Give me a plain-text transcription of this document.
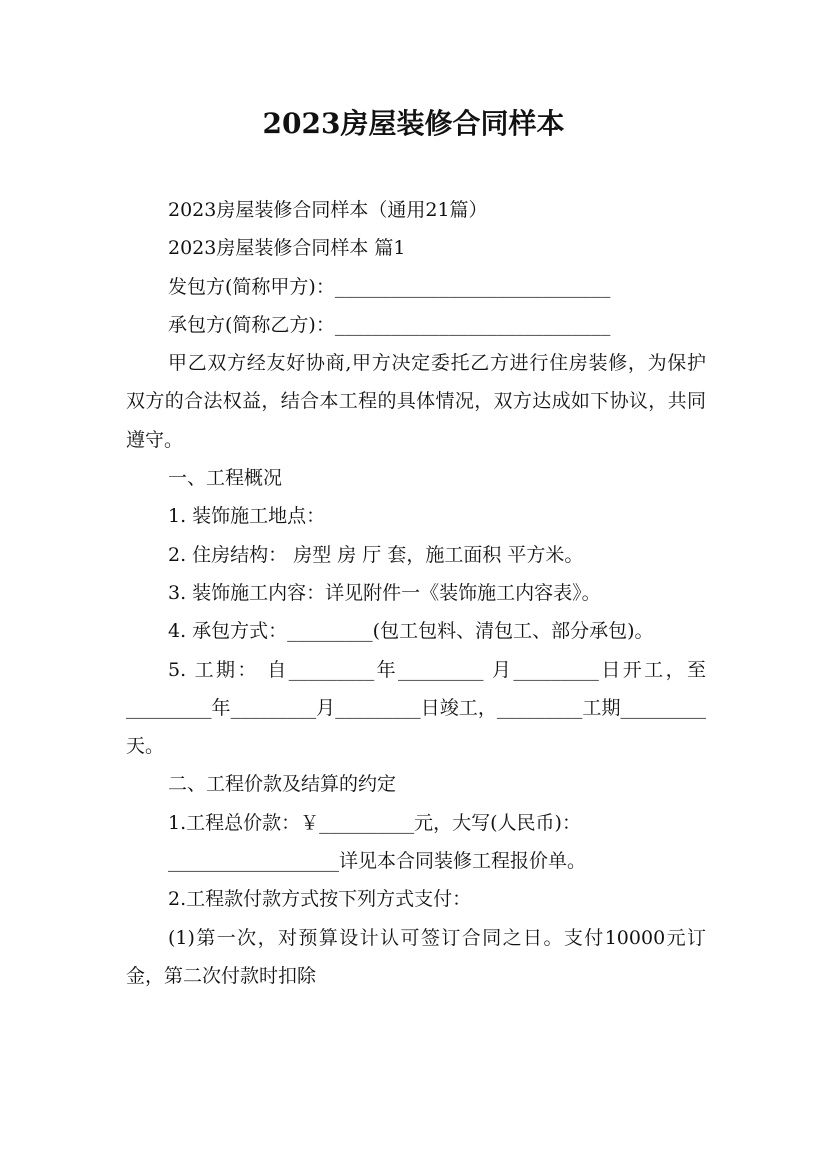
2023房屋装修合同样本

2023房屋装修合同样本（通用21篇）

2023房屋装修合同样本 篇1

发包方(简称甲方)：_____________________________

承包方(简称乙方)：_____________________________

甲乙双方经友好协商,甲方决定委托乙方进行住房装修，为保护双方的合法权益，结合本工程的具体情况，双方达成如下协议，共同遵守。

一、工程概况

1. 装饰施工地点：

2. 住房结构： 房型 房 厅 套，施工面积 平方米。

3. 装饰施工内容：详见附件一《装饰施工内容表》。

4. 承包方式：_________(包工包料、清包工、部分承包)。

5. 工期： 自_________年_________ 月_________日开工，至_________年_________月_________日竣工，_________工期_________天。

二、工程价款及结算的约定

1.工程总价款：￥__________元，大写(人民币)：

__________________详见本合同装修工程报价单。

2.工程款付款方式按下列方式支付：

(1)第一次，对预算设计认可签订合同之日。支付10000元订金，第二次付款时扣除
